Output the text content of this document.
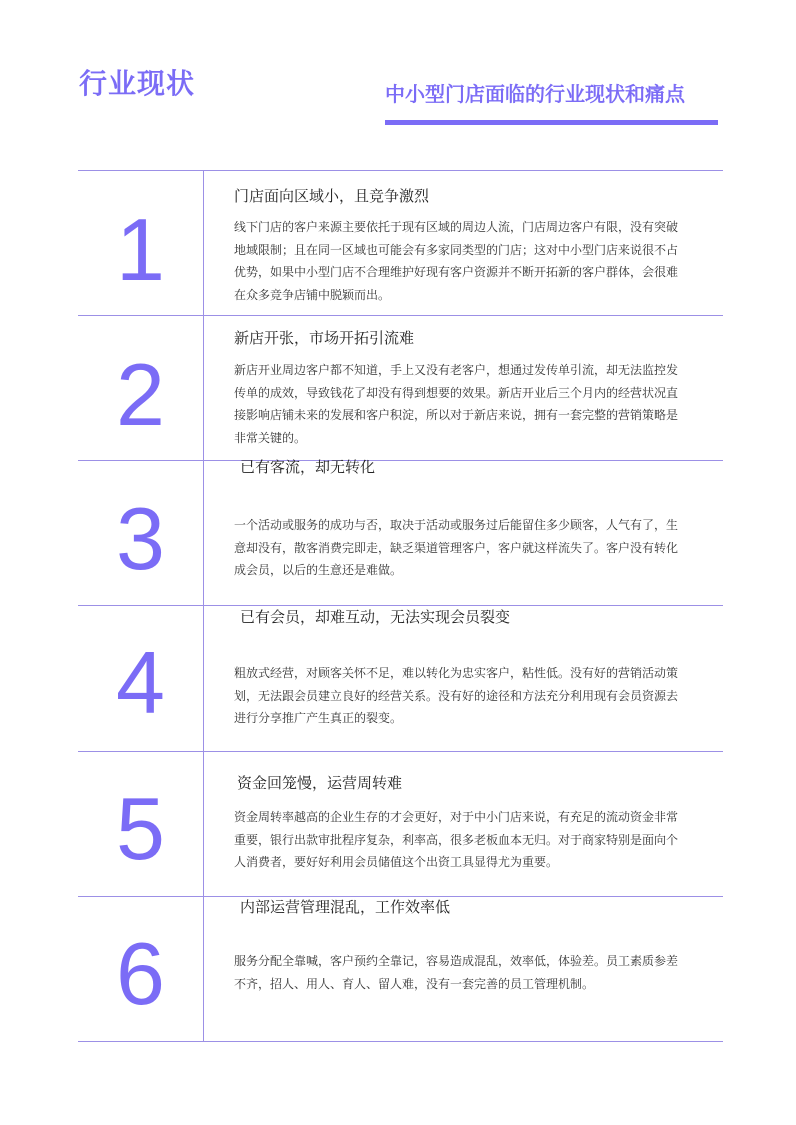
行业现状	中小型门店面临的行业现状和痛点
1
门店面向区域小，且竞争激烈
线下门店的客户来源主要依托于现有区域的周边人流，门店周边客户有限，没有突破地域限制；且在同一区域也可能会有多家同类型的门店；这对中小型门店来说很不占优势，如果中小型门店不合理维护好现有客户资源并不断开拓新的客户群体，会很难在众多竞争店铺中脱颖而出。
2
新店开张，市场开拓引流难
新店开业周边客户都不知道，手上又没有老客户，想通过发传单引流，却无法监控发传单的成效，导致钱花了却没有得到想要的效果。新店开业后三个月内的经营状况直接影响店铺未来的发展和客户积淀，所以对于新店来说，拥有一套完整的营销策略是非常关键的。
3
已有客流，却无转化
一个活动或服务的成功与否，取决于活动或服务过后能留住多少顾客，人气有了，生意却没有，散客消费完即走，缺乏渠道管理客户，客户就这样流失了。客户没有转化成会员，以后的生意还是难做。
4
已有会员，却难互动，无法实现会员裂变
粗放式经营，对顾客关怀不足，难以转化为忠实客户，粘性低。没有好的营销活动策划，无法跟会员建立良好的经营关系。没有好的途径和方法充分利用现有会员资源去进行分享推广产生真正的裂变。
5	资金回笼慢，运营周转难
资金周转率越高的企业生存的才会更好，对于中小门店来说，有充足的流动资金非常重要，银行出款审批程序复杂，利率高，很多老板血本无归。对于商家特别是面向个人消费者，要好好利用会员储值这个出资工具显得尤为重要。
6
内部运营管理混乱，工作效率低
服务分配全靠喊，客户预约全靠记，容易造成混乱，效率低，体验差。员工素质参差不齐，招人、用人、育人、留人难，没有一套完善的员工管理机制。
